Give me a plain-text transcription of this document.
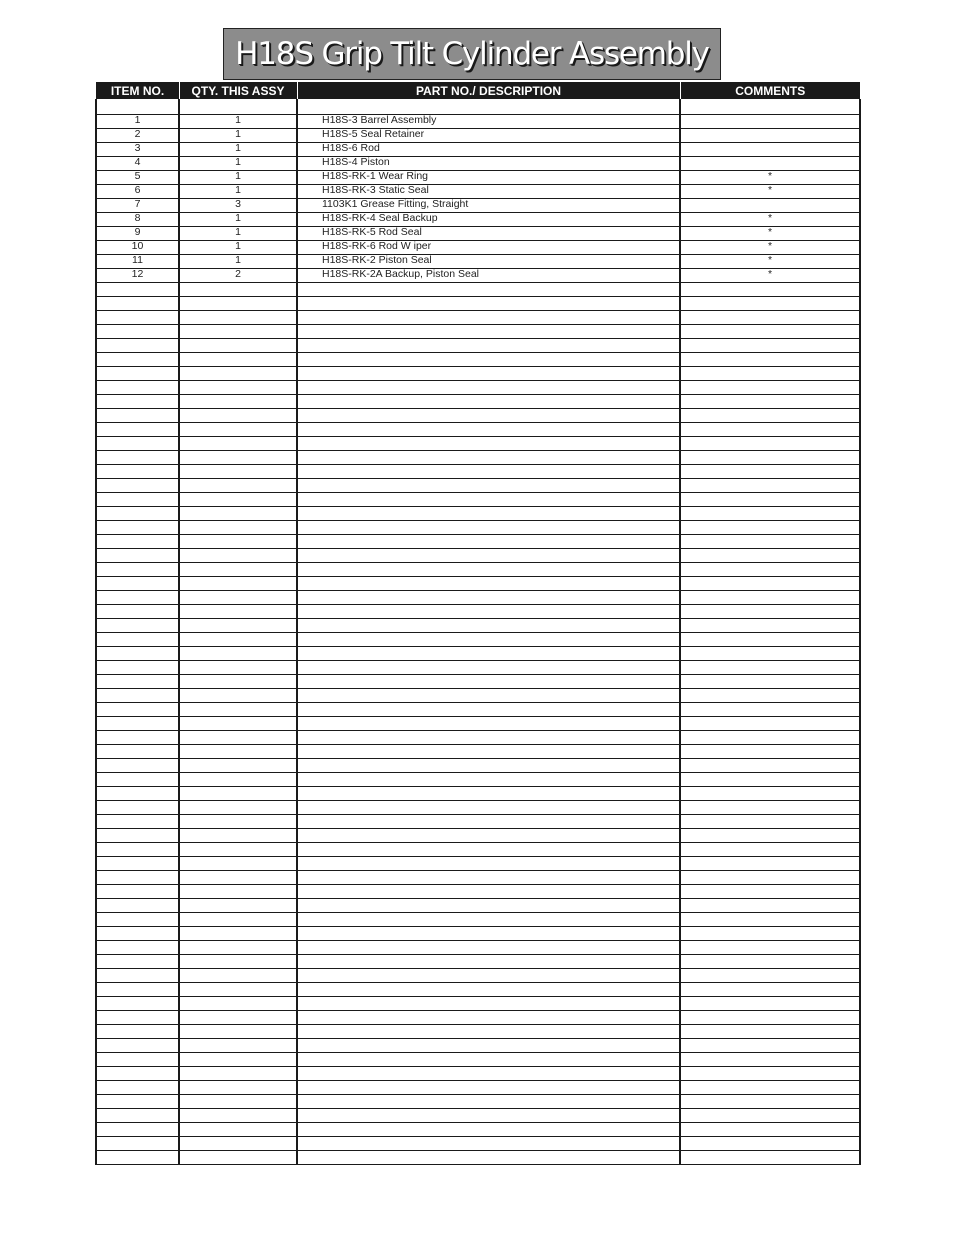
H18S Grip Tilt Cylinder Assembly
ITEM NO.	QTY. THIS ASSY	PART NO./ DESCRIPTION	COMMENTS

1	1	H18S-3 Barrel Assembly	
2	1	H18S-5 Seal Retainer	
3	1	H18S-6 Rod	
4	1	H18S-4 Piston	
5	1	H18S-RK-1 Wear Ring	*
6	1	H18S-RK-3 Static Seal	*
7	3	1103K1 Grease Fitting, Straight	
8	1	H18S-RK-4 Seal Backup	*
9	1	H18S-RK-5 Rod Seal	*
10	1	H18S-RK-6 Rod W iper	*
11	1	H18S-RK-2 Piston Seal	*
12	2	H18S-RK-2A Backup, Piston Seal	*
